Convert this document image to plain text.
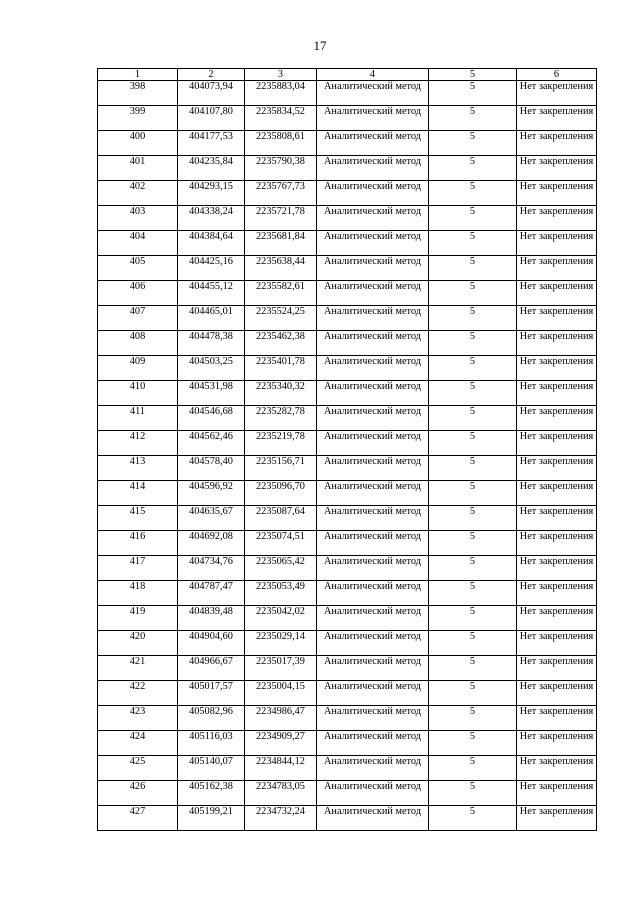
17
1	2	3	4	5	6
398	404073,94	2235883,04	Аналитический метод	5	Нет закрепления
399	404107,80	2235834,52	Аналитический метод	5	Нет закрепления
400	404177,53	2235808,61	Аналитический метод	5	Нет закрепления
401	404235,84	2235790,38	Аналитический метод	5	Нет закрепления
402	404293,15	2235767,73	Аналитический метод	5	Нет закрепления
403	404338,24	2235721,78	Аналитический метод	5	Нет закрепления
404	404384,64	2235681,84	Аналитический метод	5	Нет закрепления
405	404425,16	2235638,44	Аналитический метод	5	Нет закрепления
406	404455,12	2235582,61	Аналитический метод	5	Нет закрепления
407	404465,01	2235524,25	Аналитический метод	5	Нет закрепления
408	404478,38	2235462,38	Аналитический метод	5	Нет закрепления
409	404503,25	2235401,78	Аналитический метод	5	Нет закрепления
410	404531,98	2235340,32	Аналитический метод	5	Нет закрепления
411	404546,68	2235282,78	Аналитический метод	5	Нет закрепления
412	404562,46	2235219,78	Аналитический метод	5	Нет закрепления
413	404578,40	2235156,71	Аналитический метод	5	Нет закрепления
414	404596,92	2235096,70	Аналитический метод	5	Нет закрепления
415	404635,67	2235087,64	Аналитический метод	5	Нет закрепления
416	404692,08	2235074,51	Аналитический метод	5	Нет закрепления
417	404734,76	2235065,42	Аналитический метод	5	Нет закрепления
418	404787,47	2235053,49	Аналитический метод	5	Нет закрепления
419	404839,48	2235042,02	Аналитический метод	5	Нет закрепления
420	404904,60	2235029,14	Аналитический метод	5	Нет закрепления
421	404966,67	2235017,39	Аналитический метод	5	Нет закрепления
422	405017,57	2235004,15	Аналитический метод	5	Нет закрепления
423	405082,96	2234986,47	Аналитический метод	5	Нет закрепления
424	405116,03	2234909,27	Аналитический метод	5	Нет закрепления
425	405140,07	2234844,12	Аналитический метод	5	Нет закрепления
426	405162,38	2234783,05	Аналитический метод	5	Нет закрепления
427	405199,21	2234732,24	Аналитический метод	5	Нет закрепления
